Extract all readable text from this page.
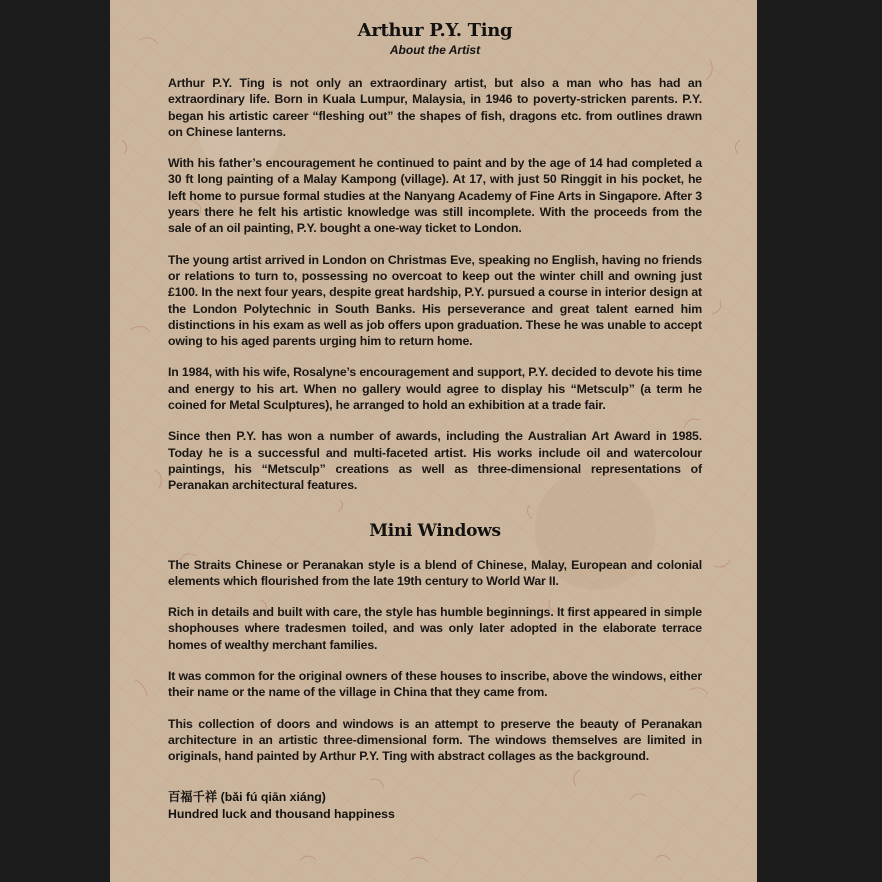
Arthur P.Y. Ting
About the Artist

Arthur P.Y. Ting is not only an extraordinary artist, but also a man who has had an extraordinary life. Born in Kuala Lumpur, Malaysia, in 1946 to poverty-stricken parents. P.Y. began his artistic career “fleshing out” the shapes of fish, dragons etc. from outlines drawn on Chinese lanterns.

With his father’s encouragement he continued to paint and by the age of 14 had completed a 30 ft long painting of a Malay Kampong (village). At 17, with just 50 Ringgit in his pocket, he left home to pursue formal studies at the Nanyang Academy of Fine Arts in Singapore. After 3 years there he felt his artistic knowledge was still incomplete. With the proceeds from the sale of an oil painting, P.Y. bought a one-way ticket to London.

The young artist arrived in London on Christmas Eve, speaking no English, having no friends or relations to turn to, possessing no overcoat to keep out the winter chill and owning just £100. In the next four years, despite great hardship, P.Y. pursued a course in interior design at the London Polytechnic in South Banks. His perseverance and great talent earned him distinctions in his exam as well as job offers upon graduation. These he was unable to accept owing to his aged parents urging him to return home.

In 1984, with his wife, Rosalyne’s encouragement and support, P.Y. decided to devote his time and energy to his art. When no gallery would agree to display his “Metsculp” (a term he coined for Metal Sculptures), he arranged to hold an exhibition at a trade fair.

Since then P.Y. has won a number of awards, including the Australian Art Award in 1985. Today he is a successful and multi-faceted artist. His works include oil and watercolour paintings, his “Metsculp” creations as well as three-dimensional representations of Peranakan architectural features.

Mini Windows

The Straits Chinese or Peranakan style is a blend of Chinese, Malay, European and colonial elements which flourished from the late 19th century to World War II.

Rich in details and built with care, the style has humble beginnings. It first appeared in simple shophouses where tradesmen toiled, and was only later adopted in the elaborate terrace homes of wealthy merchant families.

It was common for the original owners of these houses to inscribe, above the windows, either their name or the name of the village in China that they came from.

This collection of doors and windows is an attempt to preserve the beauty of Peranakan architecture in an artistic three-dimensional form. The windows themselves are limited in originals, hand painted by Arthur P.Y. Ting with abstract collages as the background.

百福千祥 (bǎi fú qiān xiáng)
Hundred luck and thousand happiness
